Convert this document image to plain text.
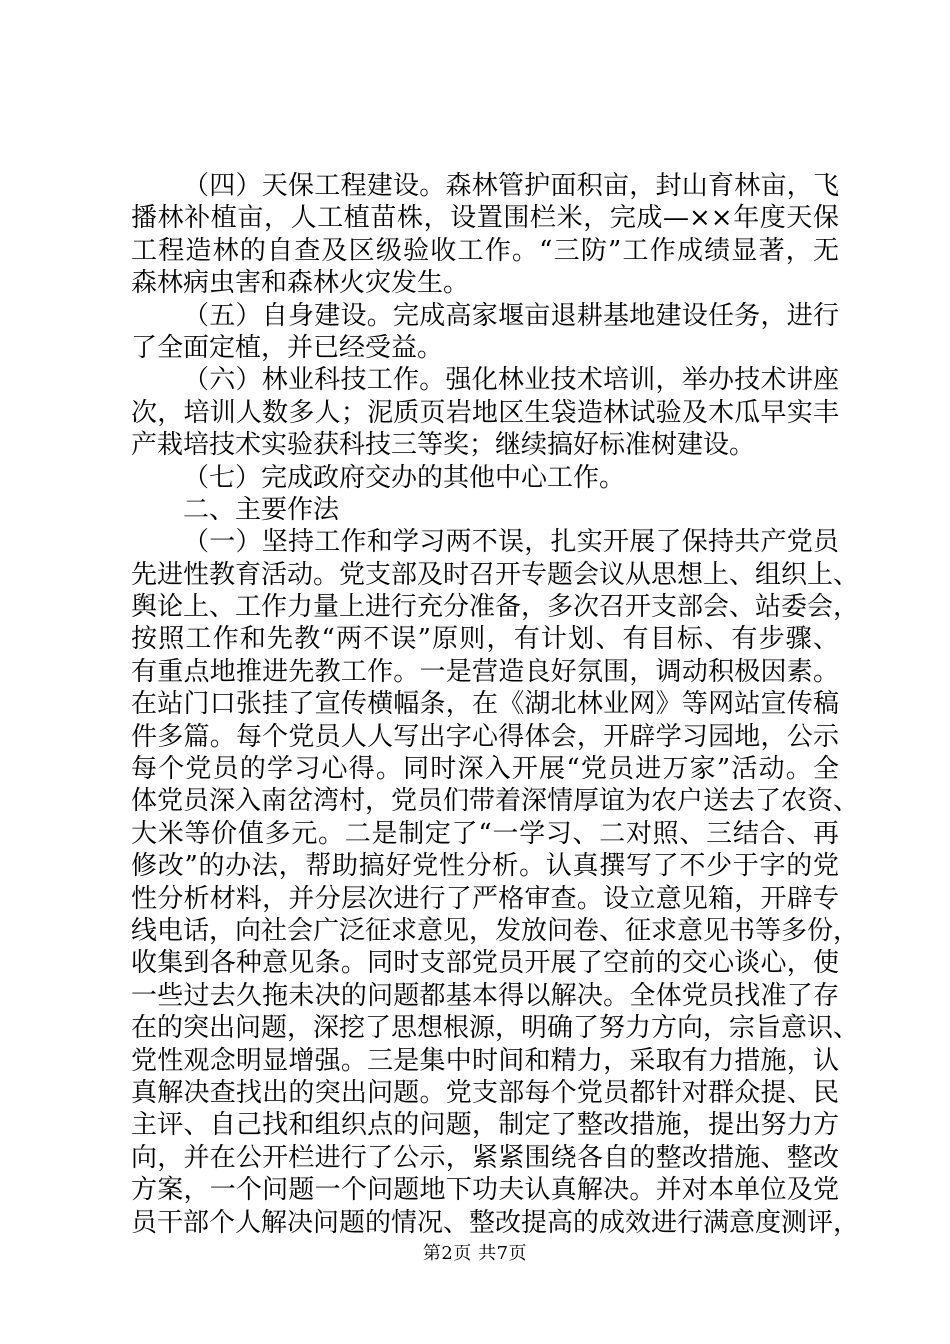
（四）天保工程建设。森林管护面积亩，封山育林亩，飞
播林补植亩，人工植苗株，设置围栏米，完成—××年度天保
工程造林的自查及区级验收工作。“三防”工作成绩显著，无
森林病虫害和森林火灾发生。
（五）自身建设。完成高家堰亩退耕基地建设任务，进行
了全面定植，并已经受益。
（六）林业科技工作。强化林业技术培训，举办技术讲座
次，培训人数多人；泥质页岩地区生袋造林试验及木瓜早实丰
产栽培技术实验获科技三等奖；继续搞好标准树建设。
（七）完成政府交办的其他中心工作。
二、主要作法
（一）坚持工作和学习两不误，扎实开展了保持共产党员
先进性教育活动。党支部及时召开专题会议从思想上、组织上、
舆论上、工作力量上进行充分准备，多次召开支部会、站委会，
按照工作和先教“两不误”原则，有计划、有目标、有步骤、
有重点地推进先教工作。一是营造良好氛围，调动积极因素。
在站门口张挂了宣传横幅条，在《湖北林业网》等网站宣传稿
件多篇。每个党员人人写出字心得体会，开辟学习园地，公示
每个党员的学习心得。同时深入开展“党员进万家”活动。全
体党员深入南岔湾村，党员们带着深情厚谊为农户送去了农资、
大米等价值多元。二是制定了“一学习、二对照、三结合、再
修改”的办法，帮助搞好党性分析。认真撰写了不少于字的党
性分析材料，并分层次进行了严格审查。设立意见箱，开辟专
线电话，向社会广泛征求意见，发放问卷、征求意见书等多份，
收集到各种意见条。同时支部党员开展了空前的交心谈心，使
一些过去久拖未决的问题都基本得以解决。全体党员找准了存
在的突出问题，深挖了思想根源，明确了努力方向，宗旨意识、
党性观念明显增强。三是集中时间和精力，采取有力措施，认
真解决查找出的突出问题。党支部每个党员都针对群众提、民
主评、自己找和组织点的问题，制定了整改措施，提出努力方
向，并在公开栏进行了公示，紧紧围绕各自的整改措施、整改
方案，一个问题一个问题地下功夫认真解决。并对本单位及党
员干部个人解决问题的情况、整改提高的成效进行满意度测评，
第2页 共7页
